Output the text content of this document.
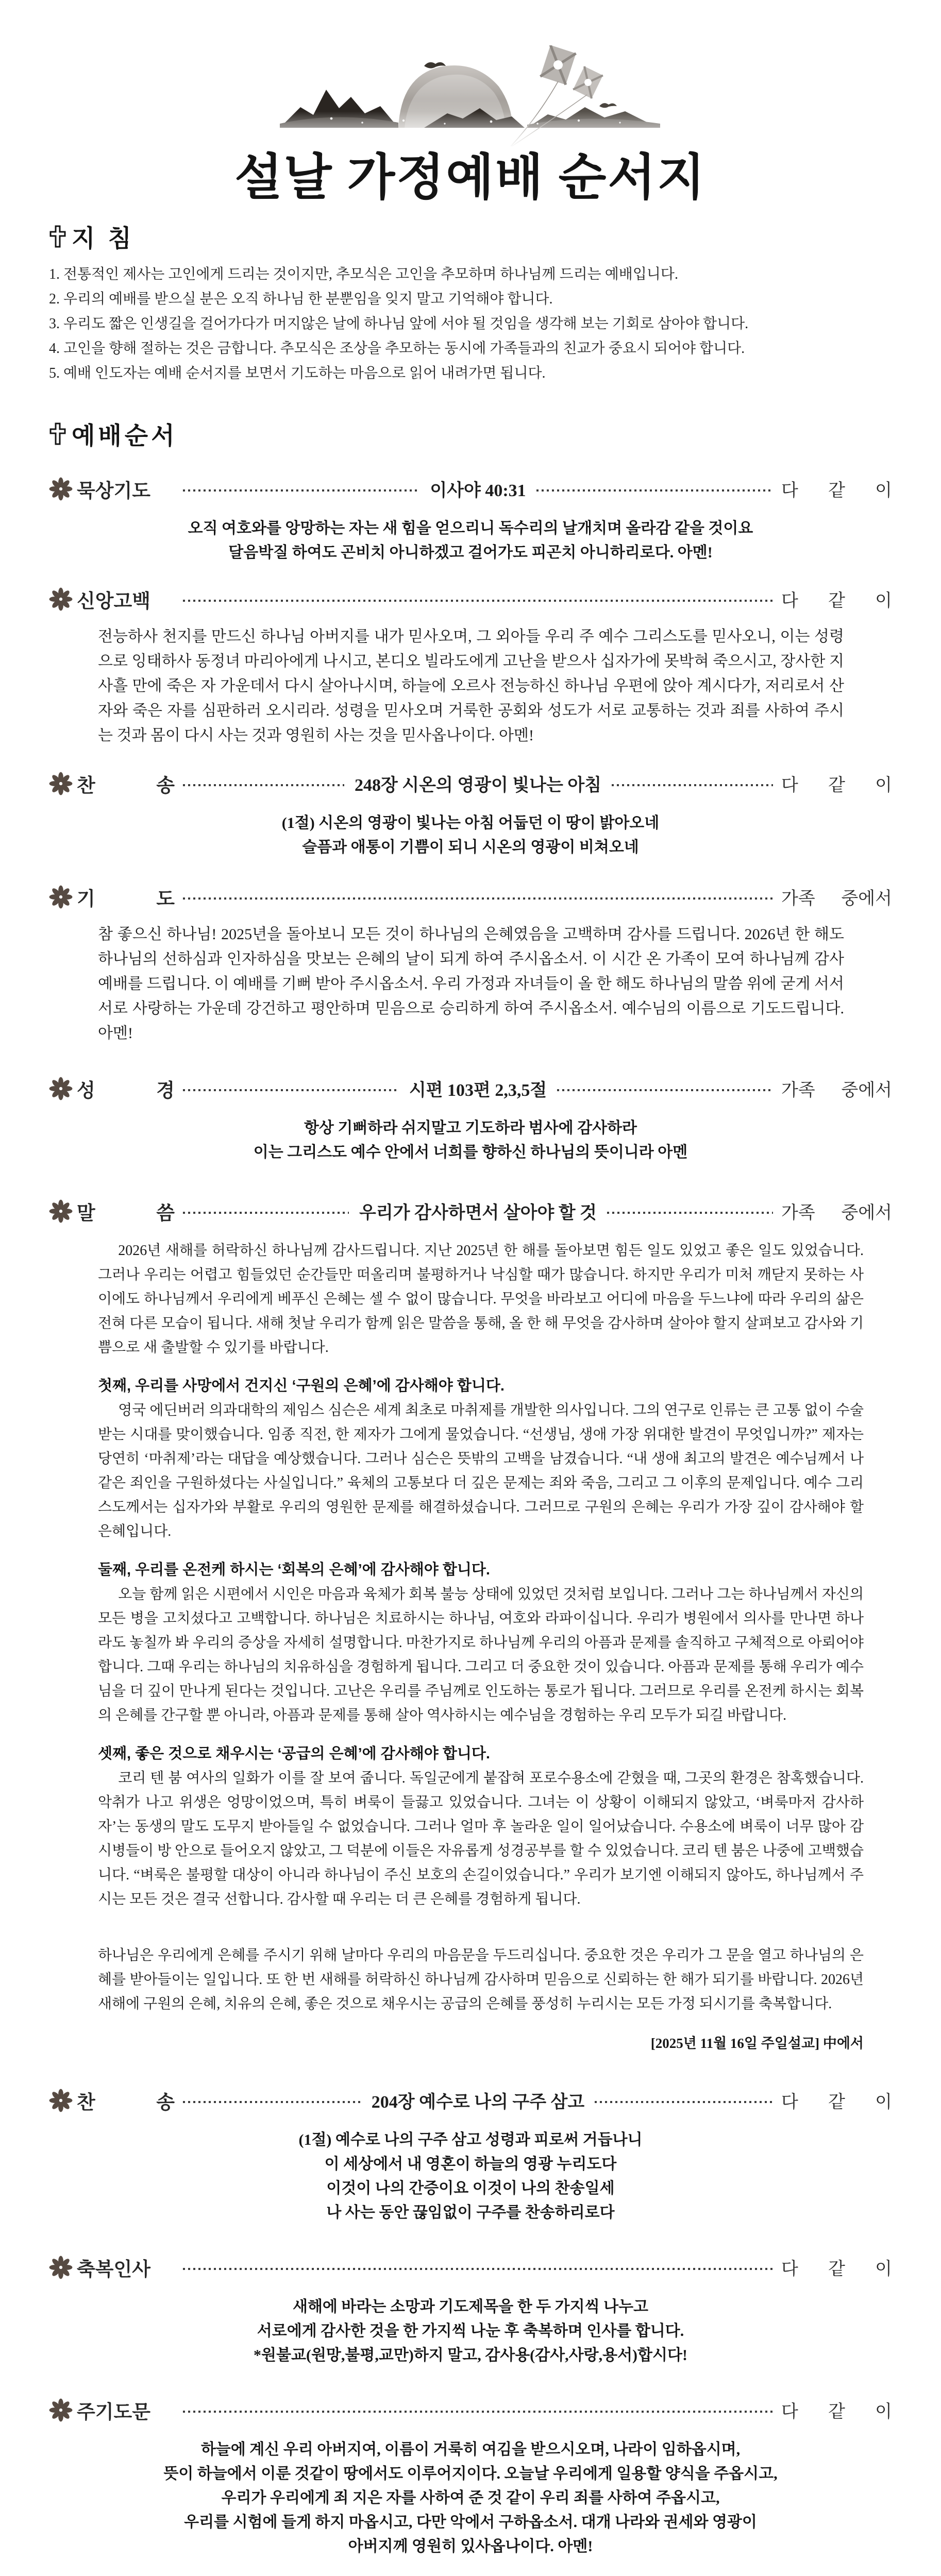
설날 가정예배 순서지
지 침
1. 전통적인 제사는 고인에게 드리는 것이지만, 추모식은 고인을 추모하며 하나님께 드리는 예배입니다.
2. 우리의 예배를 받으실 분은 오직 하나님 한 분뿐임을 잊지 말고 기억해야 합니다.
3. 우리도 짧은 인생길을 걸어가다가 머지않은 날에 하나님 앞에 서야 될 것임을 생각해 보는 기회로 삼아야 합니다.
4. 고인을 향해 절하는 것은 금합니다. 추모식은 조상을 추모하는 동시에 가족들과의 친교가 중요시 되어야 합니다.
5. 예배 인도자는 예배 순서지를 보면서 기도하는 마음으로 읽어 내려가면 됩니다.
예배순서
묵상기도	이사야 40:31	다 같 이
오직 여호와를 앙망하는 자는 새 힘을 얻으리니 독수리의 날개치며 올라감 같을 것이요
달음박질 하여도 곤비치 아니하겠고 걸어가도 피곤치 아니하리로다. 아멘!
신앙고백	다 같 이

전능하사 천지를 만드신 하나님 아버지를 내가 믿사오며, 그 외아들 우리 주 예수 그리스도를 믿사오니, 이는 성령으로 잉태하사 동정녀 마리아에게 나시고, 본디오 빌라도에게 고난을 받으사 십자가에 못박혀 죽으시고, 장사한 지 사흘 만에 죽은 자 가운데서 다시 살아나시며, 하늘에 오르사 전능하신 하나님 우편에 앉아 계시다가, 저리로서 산 자와 죽은 자를 심판하러 오시리라. 성령을 믿사오며 거룩한 공회와 성도가 서로 교통하는 것과 죄를 사하여 주시는 것과 몸이 다시 사는 것과 영원히 사는 것을 믿사옵나이다. 아멘!

찬 송	248장 시온의 영광이 빛나는 아침	다 같 이
(1절) 시온의 영광이 빛나는 아침 어둡던 이 땅이 밝아오네
슬픔과 애통이 기쁨이 되니 시온의 영광이 비쳐오네
기 도	가족 중에서

참 좋으신 하나님! 2025년을 돌아보니 모든 것이 하나님의 은혜였음을 고백하며 감사를 드립니다. 2026년 한 해도 하나님의 선하심과 인자하심을 맛보는 은혜의 날이 되게 하여 주시옵소서. 이 시간 온 가족이 모여 하나님께 감사예배를 드립니다. 이 예배를 기뻐 받아 주시옵소서. 우리 가정과 자녀들이 올 한 해도 하나님의 말씀 위에 굳게 서서 서로 사랑하는 가운데 강건하고 평안하며 믿음으로 승리하게 하여 주시옵소서. 예수님의 이름으로 기도드립니다. 아멘!

성 경	시편 103편 2,3,5절	가족 중에서
항상 기뻐하라 쉬지말고 기도하라 범사에 감사하라
이는 그리스도 예수 안에서 너희를 향하신 하나님의 뜻이니라 아멘
말 씀	우리가 감사하면서 살아야 할 것	가족 중에서

2026년 새해를 허락하신 하나님께 감사드립니다. 지난 2025년 한 해를 돌아보면 힘든 일도 있었고 좋은 일도 있었습니다. 그러나 우리는 어렵고 힘들었던 순간들만 떠올리며 불평하거나 낙심할 때가 많습니다. 하지만 우리가 미처 깨닫지 못하는 사이에도 하나님께서 우리에게 베푸신 은혜는 셀 수 없이 많습니다. 무엇을 바라보고 어디에 마음을 두느냐에 따라 우리의 삶은 전혀 다른 모습이 됩니다. 새해 첫날 우리가 함께 읽은 말씀을 통해, 올 한 해 무엇을 감사하며 살아야 할지 살펴보고 감사와 기쁨으로 새 출발할 수 있기를 바랍니다.

첫째, 우리를 사망에서 건지신 ‘구원의 은혜’에 감사해야 합니다.

영국 에딘버러 의과대학의 제임스 심슨은 세계 최초로 마취제를 개발한 의사입니다. 그의 연구로 인류는 큰 고통 없이 수술받는 시대를 맞이했습니다. 임종 직전, 한 제자가 그에게 물었습니다. “선생님, 생애 가장 위대한 발견이 무엇입니까?” 제자는 당연히 ‘마취제’라는 대답을 예상했습니다. 그러나 심슨은 뜻밖의 고백을 남겼습니다. “내 생애 최고의 발견은 예수님께서 나 같은 죄인을 구원하셨다는 사실입니다.” 육체의 고통보다 더 깊은 문제는 죄와 죽음, 그리고 그 이후의 문제입니다. 예수 그리스도께서는 십자가와 부활로 우리의 영원한 문제를 해결하셨습니다. 그러므로 구원의 은혜는 우리가 가장 깊이 감사해야 할 은혜입니다.

둘째, 우리를 온전케 하시는 ‘회복의 은혜’에 감사해야 합니다.

오늘 함께 읽은 시편에서 시인은 마음과 육체가 회복 불능 상태에 있었던 것처럼 보입니다. 그러나 그는 하나님께서 자신의 모든 병을 고치셨다고 고백합니다. 하나님은 치료하시는 하나님, 여호와 라파이십니다. 우리가 병원에서 의사를 만나면 하나라도 놓칠까 봐 우리의 증상을 자세히 설명합니다. 마찬가지로 하나님께 우리의 아픔과 문제를 솔직하고 구체적으로 아뢰어야 합니다. 그때 우리는 하나님의 치유하심을 경험하게 됩니다. 그리고 더 중요한 것이 있습니다. 아픔과 문제를 통해 우리가 예수님을 더 깊이 만나게 된다는 것입니다. 고난은 우리를 주님께로 인도하는 통로가 됩니다. 그러므로 우리를 온전케 하시는 회복의 은혜를 간구할 뿐 아니라, 아픔과 문제를 통해 살아 역사하시는 예수님을 경험하는 우리 모두가 되길 바랍니다.

셋째, 좋은 것으로 채우시는 ‘공급의 은혜’에 감사해야 합니다.

코리 텐 붐 여사의 일화가 이를 잘 보여 줍니다. 독일군에게 붙잡혀 포로수용소에 갇혔을 때, 그곳의 환경은 참혹했습니다. 악취가 나고 위생은 엉망이었으며, 특히 벼룩이 들끓고 있었습니다. 그녀는 이 상황이 이해되지 않았고, ‘벼룩마저 감사하자’는 동생의 말도 도무지 받아들일 수 없었습니다. 그러나 얼마 후 놀라운 일이 일어났습니다. 수용소에 벼룩이 너무 많아 감시병들이 방 안으로 들어오지 않았고, 그 덕분에 이들은 자유롭게 성경공부를 할 수 있었습니다. 코리 텐 붐은 나중에 고백했습니다. “벼룩은 불평할 대상이 아니라 하나님이 주신 보호의 손길이었습니다.” 우리가 보기엔 이해되지 않아도, 하나님께서 주시는 모든 것은 결국 선합니다. 감사할 때 우리는 더 큰 은혜를 경험하게 됩니다.

하나님은 우리에게 은혜를 주시기 위해 날마다 우리의 마음문을 두드리십니다. 중요한 것은 우리가 그 문을 열고 하나님의 은혜를 받아들이는 일입니다. 또 한 번 새해를 허락하신 하나님께 감사하며 믿음으로 신뢰하는 한 해가 되기를 바랍니다. 2026년 새해에 구원의 은혜, 치유의 은혜, 좋은 것으로 채우시는 공급의 은혜를 풍성히 누리시는 모든 가정 되시기를 축복합니다.

[2025년 11월 16일 주일설교] 中에서

찬 송	204장 예수로 나의 구주 삼고	다 같 이
(1절) 예수로 나의 구주 삼고 성령과 피로써 거듭나니
이 세상에서 내 영혼이 하늘의 영광 누리도다
이것이 나의 간증이요 이것이 나의 찬송일세
나 사는 동안 끊임없이 구주를 찬송하리로다
축복인사	다 같 이
새해에 바라는 소망과 기도제목을 한 두 가지씩 나누고
서로에게 감사한 것을 한 가지씩 나눈 후 축복하며 인사를 합니다.
*원불교(원망,불평,교만)하지 말고, 감사용(감사,사랑,용서)합시다!
주기도문	다 같 이
하늘에 계신 우리 아버지여, 이름이 거룩히 여김을 받으시오며, 나라이 임하옵시며,
뜻이 하늘에서 이룬 것같이 땅에서도 이루어지이다. 오늘날 우리에게 일용할 양식을 주옵시고,
우리가 우리에게 죄 지은 자를 사하여 준 것 같이 우리 죄를 사하여 주옵시고,
우리를 시험에 들게 하지 마옵시고, 다만 악에서 구하옵소서. 대개 나라와 권세와 영광이
아버지께 영원히 있사옵나이다. 아멘!
